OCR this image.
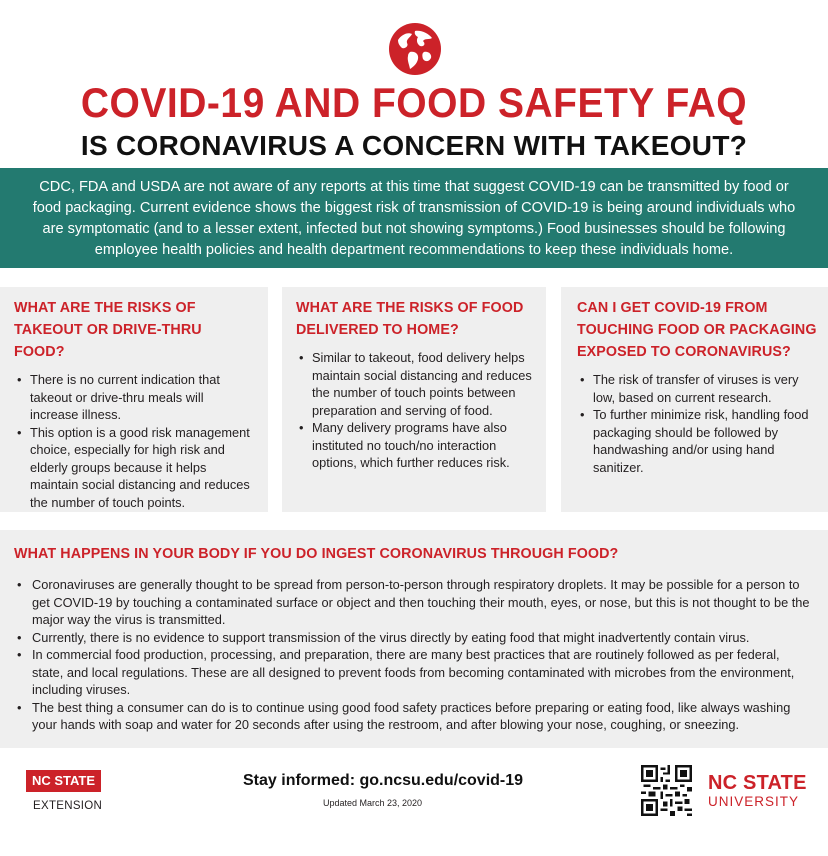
COVID-19 AND FOOD SAFETY FAQ
IS CORONAVIRUS A CONCERN WITH TAKEOUT?

CDC, FDA and USDA are not aware of any reports at this time that suggest COVID-19 can be transmitted by food or food packaging. Current evidence shows the biggest risk of transmission of COVID-19 is being around individuals who are symptomatic (and to a lesser extent, infected but not showing symptoms.) Food businesses should be following employee health policies and health department recommendations to keep these individuals home.

WHAT ARE THE RISKS OF TAKEOUT OR DRIVE-THRU FOOD?
• There is no current indication that takeout or drive-thru meals will increase illness.
• This option is a good risk management choice, especially for high risk and elderly groups because it helps maintain social distancing and reduces the number of touch points.
WHAT ARE THE RISKS OF FOOD DELIVERED TO HOME?
• Similar to takeout, food delivery helps maintain social distancing and reduces the number of touch points between preparation and serving of food.
• Many delivery programs have also instituted no touch/no interaction options, which further reduces risk.
CAN I GET COVID-19 FROM TOUCHING FOOD OR PACKAGING EXPOSED TO CORONAVIRUS?
• The risk of transfer of viruses is very low, based on current research.
• To further minimize risk, handling food packaging should be followed by handwashing and/or using hand sanitizer.
WHAT HAPPENS IN YOUR BODY IF YOU DO INGEST CORONAVIRUS THROUGH FOOD?
• Coronaviruses are generally thought to be spread from person-to-person through respiratory droplets. It may be possible for a person to get COVID-19 by touching a contaminated surface or object and then touching their mouth, eyes, or nose, but this is not thought to be the major way the virus is transmitted.
• Currently, there is no evidence to support transmission of the virus directly by eating food that might inadvertently contain virus.
• In commercial food production, processing, and preparation, there are many best practices that are routinely followed as per federal, state, and local regulations. These are all designed to prevent foods from becoming contaminated with microbes from the environment, including viruses.
• The best thing a consumer can do is to continue using good food safety practices before preparing or eating food, like always washing your hands with soap and water for 20 seconds after using the restroom, and after blowing your nose, coughing, or sneezing.
NC STATE
EXTENSION
Stay informed: go.ncsu.edu/covid-19
Updated March 23, 2020
NC STATE
UNIVERSITY
